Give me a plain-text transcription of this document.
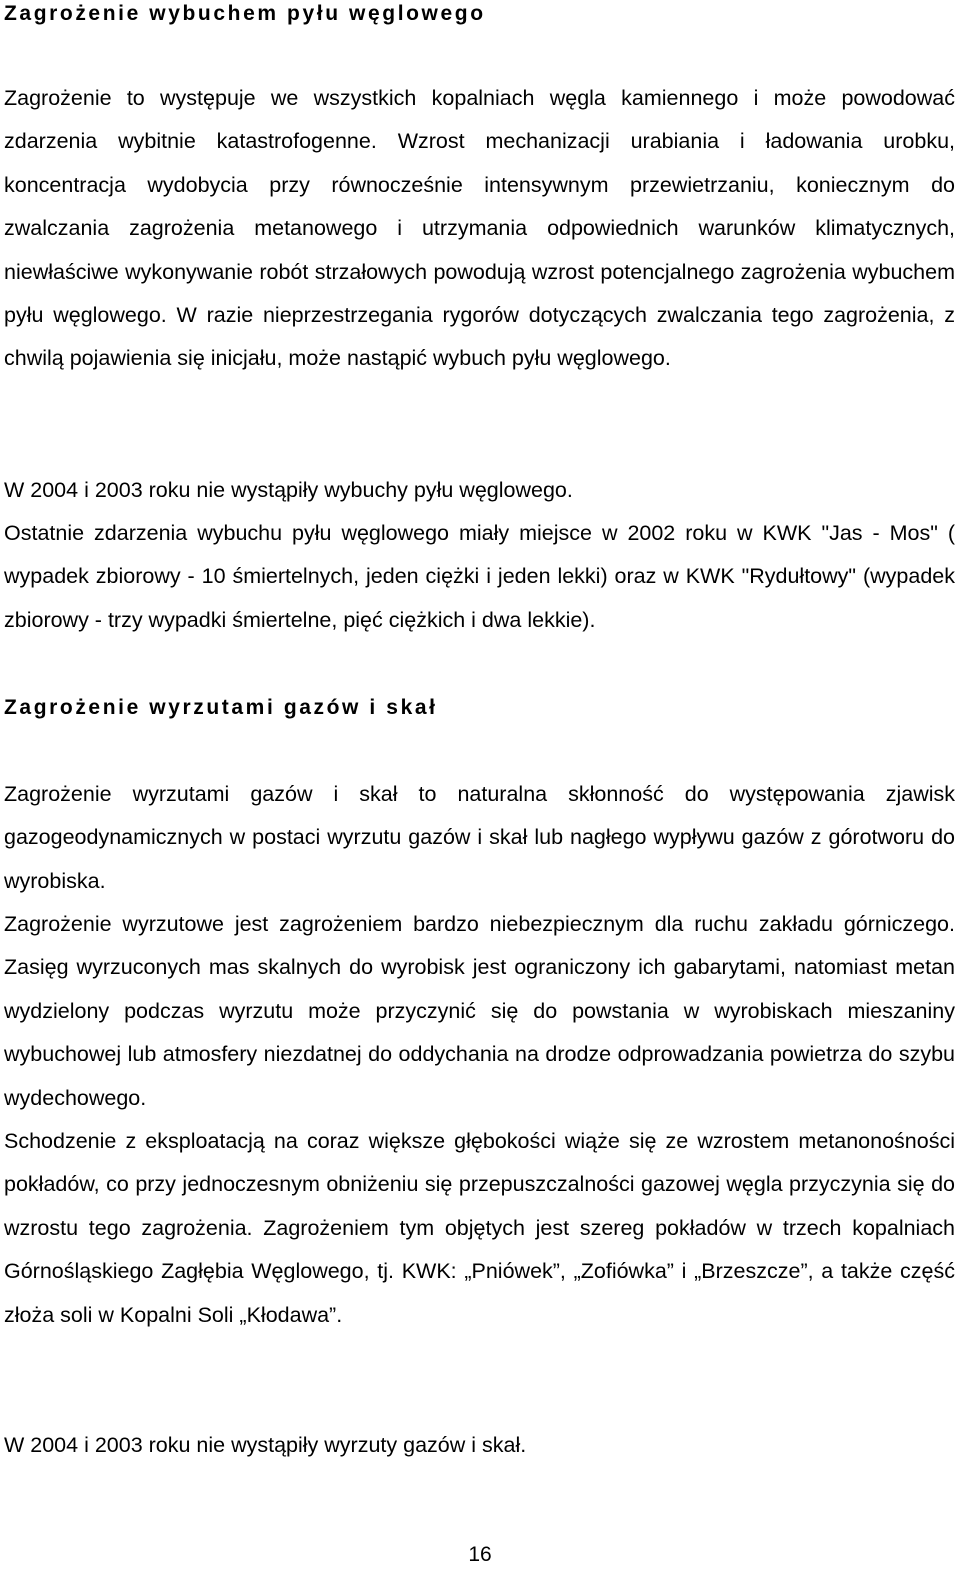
Zagrożenie wybuchem pyłu węglowego

Zagrożenie to występuje we wszystkich kopalniach węgla kamiennego i może powodować zdarzenia wybitnie katastrofogenne. Wzrost mechanizacji urabiania i ładowania urobku, koncentracja wydobycia przy równocześnie intensywnym przewietrzaniu, koniecznym do zwalczania zagrożenia metanowego i utrzymania odpowiednich warunków klimatycznych, niewłaściwe wykonywanie robót strzałowych powodują wzrost potencjalnego zagrożenia wybuchem pyłu węglowego. W razie nieprzestrzegania rygorów dotyczących zwalczania tego zagrożenia, z chwilą pojawienia się inicjału, może nastąpić wybuch pyłu węglowego.

W 2004 i 2003 roku nie wystąpiły wybuchy pyłu węglowego.

Ostatnie zdarzenia wybuchu pyłu węglowego miały miejsce w 2002 roku w KWK "Jas - Mos" ( wypadek zbiorowy - 10 śmiertelnych, jeden ciężki i jeden lekki) oraz w KWK "Rydułtowy" (wypadek zbiorowy - trzy wypadki śmiertelne, pięć ciężkich i dwa lekkie).

Zagrożenie wyrzutami gazów i skał

Zagrożenie wyrzutami gazów i skał to naturalna skłonność do występowania zjawisk gazogeodynamicznych w postaci wyrzutu gazów i skał lub nagłego wypływu gazów z górotworu do wyrobiska.

Zagrożenie wyrzutowe jest zagrożeniem bardzo niebezpiecznym dla ruchu zakładu górniczego. Zasięg wyrzuconych mas skalnych do wyrobisk jest ograniczony ich gabarytami, natomiast metan wydzielony podczas wyrzutu może przyczynić się do powstania w wyrobiskach mieszaniny wybuchowej lub atmosfery niezdatnej do oddychania na drodze odprowadzania powietrza do szybu wydechowego.

Schodzenie z eksploatacją na coraz większe głębokości wiąże się ze wzrostem metanonośności pokładów, co przy jednoczesnym obniżeniu się przepuszczalności gazowej węgla przyczynia się do wzrostu tego zagrożenia. Zagrożeniem tym objętych jest szereg pokładów w trzech kopalniach Górnośląskiego Zagłębia Węglowego, tj. KWK: „Pniówek”, „Zofiówka” i „Brzeszcze”, a także część złoża soli w Kopalni Soli „Kłodawa”.

W 2004 i 2003 roku nie wystąpiły wyrzuty gazów i skał.

16
